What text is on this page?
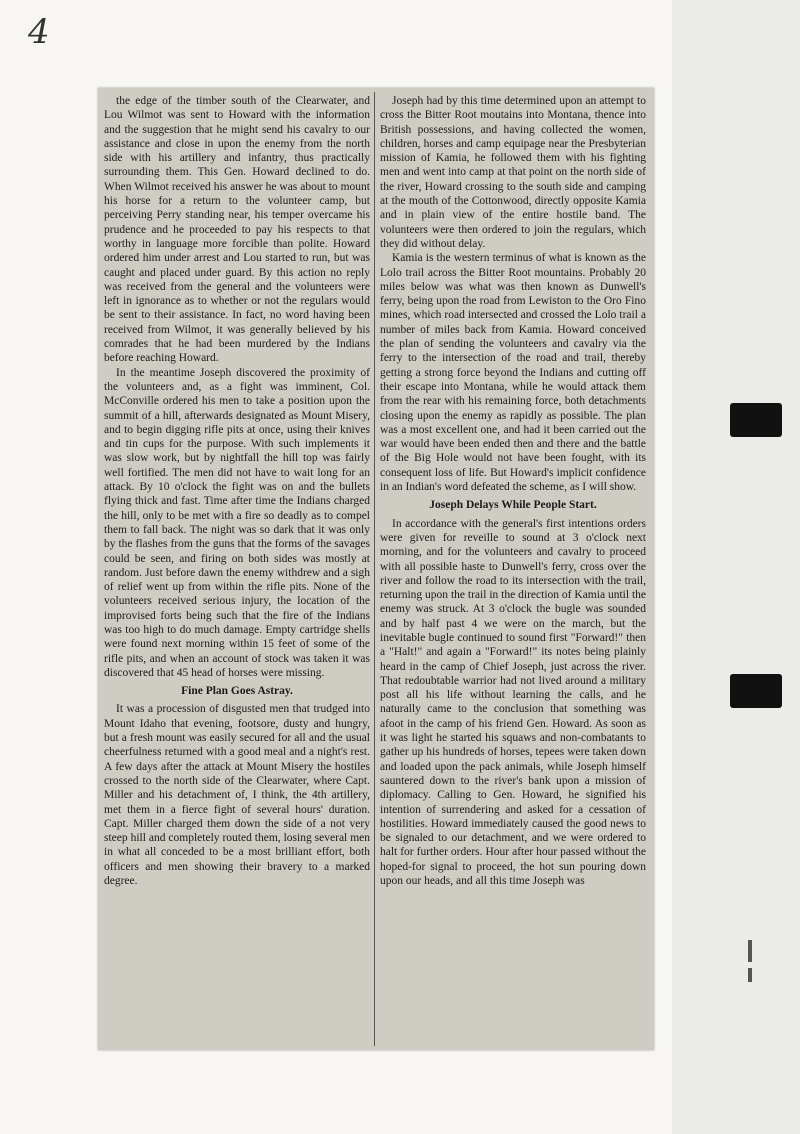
4

the edge of the timber south of the Clearwater, and Lou Wilmot was sent to Howard with the information and the suggestion that he might send his cavalry to our assistance and close in upon the enemy from the north side with his artillery and infantry, thus practically surrounding them. This Gen. Howard declined to do. When Wilmot received his answer he was about to mount his horse for a return to the volunteer camp, but perceiving Perry standing near, his temper overcame his prudence and he proceeded to pay his respects to that worthy in language more forcible than polite. Howard ordered him under arrest and Lou started to run, but was caught and placed under guard. By this action no reply was received from the general and the volunteers were left in ignorance as to whether or not the regulars would be sent to their assistance. In fact, no word having been received from Wilmot, it was generally believed by his comrades that he had been murdered by the Indians before reaching Howard.

In the meantime Joseph discovered the proximity of the volunteers and, as a fight was imminent, Col. McConville ordered his men to take a position upon the summit of a hill, afterwards designated as Mount Misery, and to begin digging rifle pits at once, using their knives and tin cups for the purpose. With such implements it was slow work, but by nightfall the hill top was fairly well fortified. The men did not have to wait long for an attack. By 10 o'clock the fight was on and the bullets flying thick and fast. Time after time the Indians charged the hill, only to be met with a fire so deadly as to compel them to fall back. The night was so dark that it was only by the flashes from the guns that the forms of the savages could be seen, and firing on both sides was mostly at random. Just before dawn the enemy withdrew and a sigh of relief went up from within the rifle pits. None of the volunteers received serious injury, the location of the improvised forts being such that the fire of the Indians was too high to do much damage. Empty cartridge shells were found next morning within 15 feet of some of the rifle pits, and when an account of stock was taken it was discovered that 45 head of horses were missing.

Fine Plan Goes Astray.

It was a procession of disgusted men that trudged into Mount Idaho that evening, footsore, dusty and hungry, but a fresh mount was easily secured for all and the usual cheerfulness returned with a good meal and a night's rest. A few days after the attack at Mount Misery the hostiles crossed to the north side of the Clearwater, where Capt. Miller and his detachment of, I think, the 4th artillery, met them in a fierce fight of several hours' duration. Capt. Miller charged them down the side of a not very steep hill and completely routed them, losing several men in what all conceded to be a most brilliant effort, both officers and men showing their bravery to a marked degree.

Joseph had by this time determined upon an attempt to cross the Bitter Root moutains into Montana, thence into British possessions, and having collected the women, children, horses and camp equipage near the Presbyterian mission of Kamia, he followed them with his fighting men and went into camp at that point on the north side of the river, Howard crossing to the south side and camping at the mouth of the Cottonwood, directly opposite Kamia and in plain view of the entire hostile band. The volunteers were then ordered to join the regulars, which they did without delay.

Kamia is the western terminus of what is known as the Lolo trail across the Bitter Root mountains. Probably 20 miles below was what was then known as Dunwell's ferry, being upon the road from Lewiston to the Oro Fino mines, which road intersected and crossed the Lolo trail a number of miles back from Kamia. Howard conceived the plan of sending the volunteers and cavalry via the ferry to the intersection of the road and trail, thereby getting a strong force beyond the Indians and cutting off their escape into Montana, while he would attack them from the rear with his remaining force, both detachments closing upon the enemy as rapidly as possible. The plan was a most excellent one, and had it been carried out the war would have been ended then and there and the battle of the Big Hole would not have been fought, with its consequent loss of life. But Howard's implicit confidence in an Indian's word defeated the scheme, as I will show.

Joseph Delays While People Start.

In accordance with the general's first intentions orders were given for reveille to sound at 3 o'clock next morning, and for the volunteers and cavalry to proceed with all possible haste to Dunwell's ferry, cross over the river and follow the road to its intersection with the trail, returning upon the trail in the direction of Kamia until the enemy was struck. At 3 o'clock the bugle was sounded and by half past 4 we were on the march, but the inevitable bugle continued to sound first "Forward!" then a "Halt!" and again a "Forward!" its notes being plainly heard in the camp of Chief Joseph, just across the river. That redoubtable warrior had not lived around a military post all his life without learning the calls, and he naturally came to the conclusion that something was afoot in the camp of his friend Gen. Howard. As soon as it was light he started his squaws and non-combatants to gather up his hundreds of horses, tepees were taken down and loaded upon the pack animals, while Joseph himself sauntered down to the river's bank upon a mission of diplomacy. Calling to Gen. Howard, he signified his intention of surrendering and asked for a cessation of hostilities. Howard immediately caused the good news to be signaled to our detachment, and we were ordered to halt for further orders. Hour after hour passed without the hoped-for signal to proceed, the hot sun pouring down upon our heads, and all this time Joseph was
